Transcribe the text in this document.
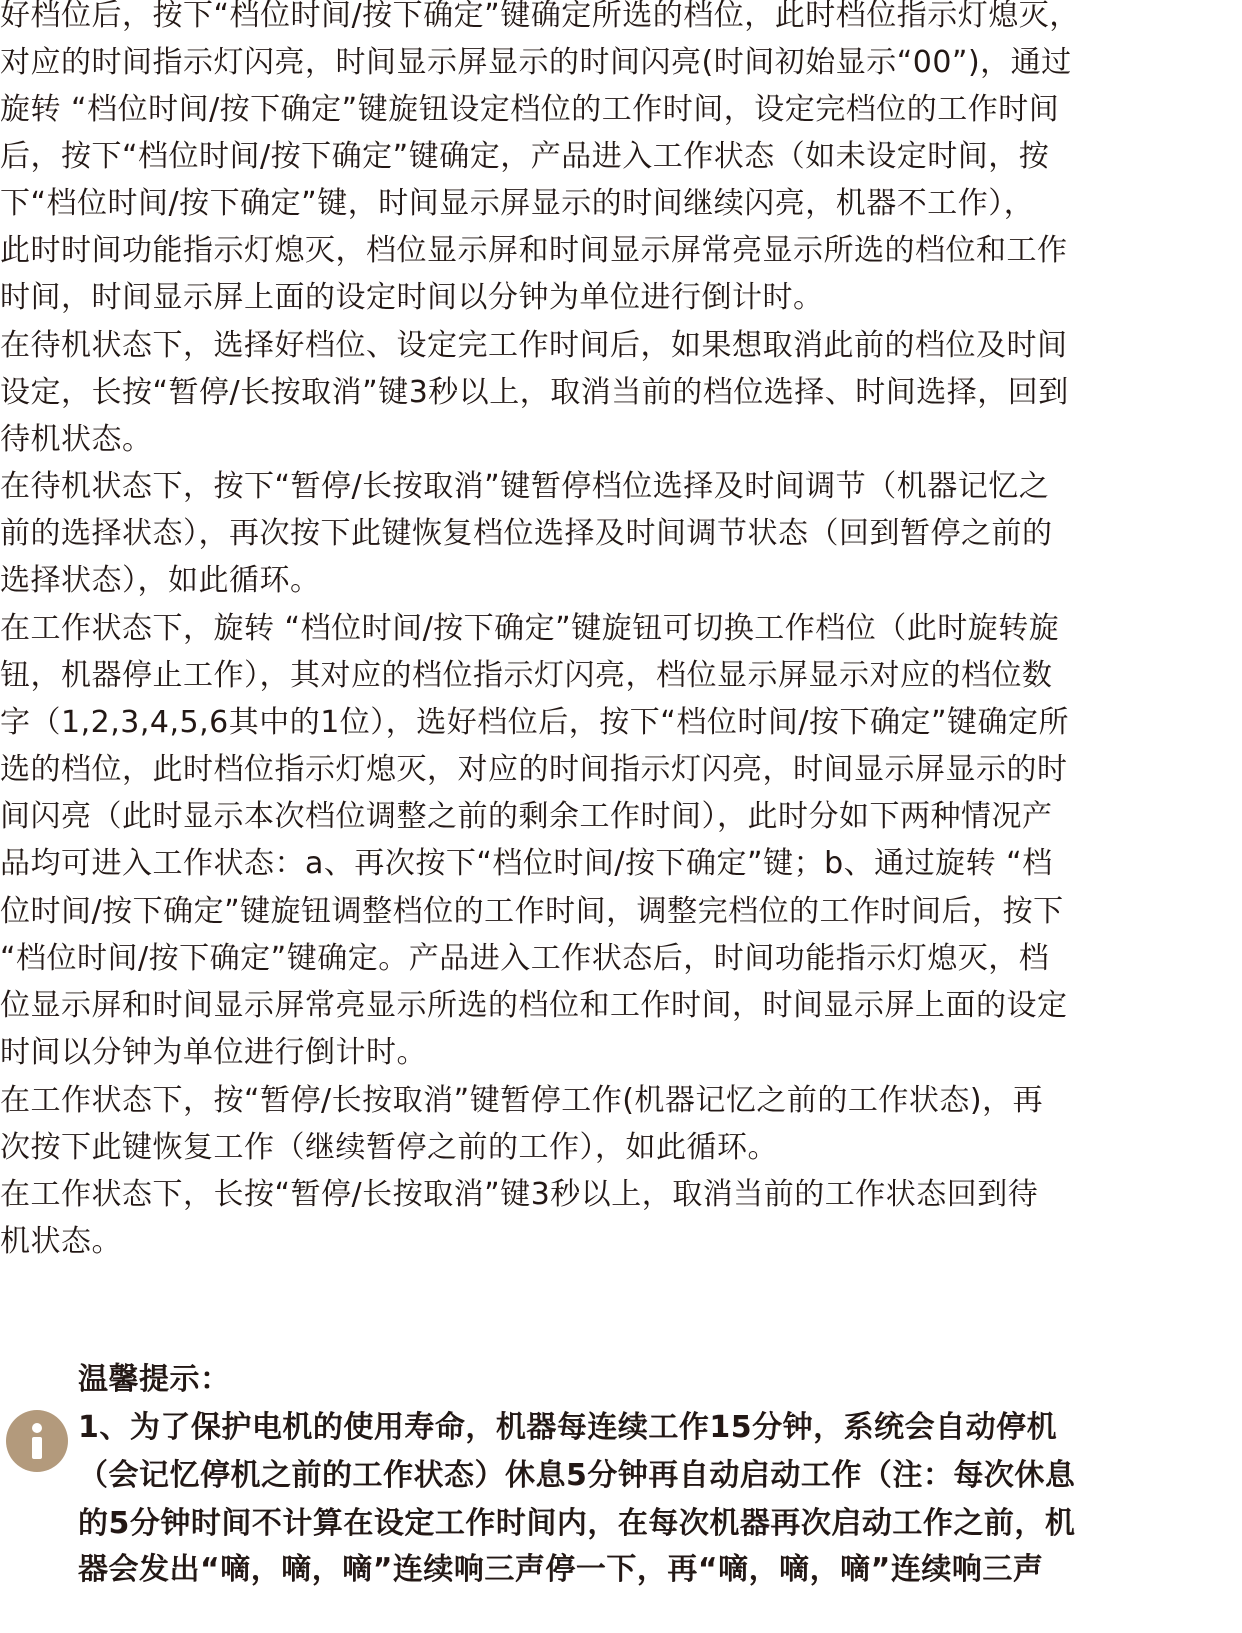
好档位后，按下“档位时间/按下确定”键确定所选的档位，此时档位指示灯熄灭，
对应的时间指示灯闪亮，时间显示屏显示的时间闪亮(时间初始显示“00”)，通过
旋转 “档位时间/按下确定”键旋钮设定档位的工作时间，设定完档位的工作时间
后，按下“档位时间/按下确定”键确定，产品进入工作状态（如未设定时间，按
下“档位时间/按下确定”键，时间显示屏显示的时间继续闪亮，机器不工作），
此时时间功能指示灯熄灭，档位显示屏和时间显示屏常亮显示所选的档位和工作
时间，时间显示屏上面的设定时间以分钟为单位进行倒计时。
在待机状态下，选择好档位、设定完工作时间后，如果想取消此前的档位及时间
设定，长按“暂停/长按取消”键3秒以上，取消当前的档位选择、时间选择，回到
待机状态。
在待机状态下，按下“暂停/长按取消”键暂停档位选择及时间调节（机器记忆之
前的选择状态），再次按下此键恢复档位选择及时间调节状态（回到暂停之前的
选择状态），如此循环。
在工作状态下，旋转 “档位时间/按下确定”键旋钮可切换工作档位（此时旋转旋
钮，机器停止工作），其对应的档位指示灯闪亮，档位显示屏显示对应的档位数
字（1,2,3,4,5,6其中的1位），选好档位后，按下“档位时间/按下确定”键确定所
选的档位，此时档位指示灯熄灭，对应的时间指示灯闪亮，时间显示屏显示的时
间闪亮（此时显示本次档位调整之前的剩余工作时间），此时分如下两种情况产
品均可进入工作状态：a、再次按下“档位时间/按下确定”键；b、通过旋转 “档
位时间/按下确定”键旋钮调整档位的工作时间，调整完档位的工作时间后，按下
“档位时间/按下确定”键确定。产品进入工作状态后，时间功能指示灯熄灭，档
位显示屏和时间显示屏常亮显示所选的档位和工作时间，时间显示屏上面的设定
时间以分钟为单位进行倒计时。
在工作状态下，按“暂停/长按取消”键暂停工作(机器记忆之前的工作状态)，再
次按下此键恢复工作（继续暂停之前的工作），如此循环。
在工作状态下，长按“暂停/长按取消”键3秒以上，取消当前的工作状态回到待
机状态。
温馨提示：
1、为了保护电机的使用寿命，机器每连续工作15分钟，系统会自动停机
（会记忆停机之前的工作状态）休息5分钟再自动启动工作（注：每次休息
的5分钟时间不计算在设定工作时间内，在每次机器再次启动工作之前，机
器会发出“嘀，嘀，嘀”连续响三声停一下，再“嘀，嘀，嘀”连续响三声
